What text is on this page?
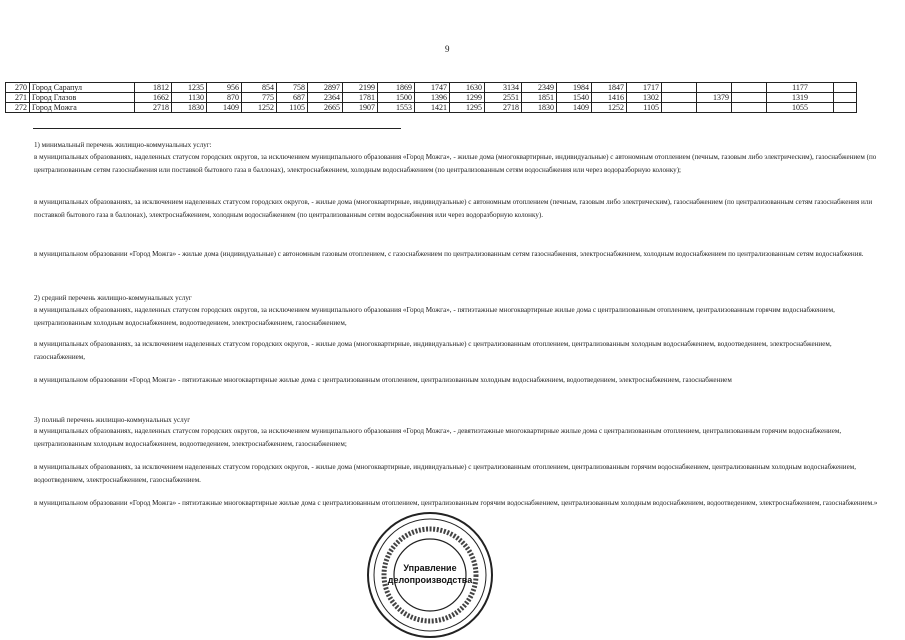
9
270	Город Сарапул	1812	1235	956	854	758	2897	2199	1869	1747	1630	3134	2349	1984	1847	1717				1177	
271	Город Глазов	1662	1130	870	775	687	2364	1781	1500	1396	1299	2551	1851	1540	1416	1302		1379		1319	
272	Город Можга	2718	1830	1409	1252	1105	2665	1907	1553	1421	1295	2718	1830	1409	1252	1105				1055	
1) минимальный перечень жилищно-коммунальных услуг:
в муниципальных образованиях, наделенных статусом городских округов, за исключением муниципального образования «Город Можга», - жилые дома (многоквартирные, индивидуальные) с автономным отоплением (печным, газовым либо электрическим), газоснабжением (по централизованным сетям газоснабжения или поставкой бытового газа в баллонах), электроснабжением, холодным водоснабжением (по централизованным сетям водоснабжения или через водоразборную колонку);
в муниципальных образованиях, за исключением наделенных статусом городских округов, - жилые дома (многоквартирные, индивидуальные) с автономным отоплением (печным, газовым либо электрическим), газоснабжением (по централизованным сетям газоснабжения или поставкой бытового газа в баллонах), электроснабжением, холодным водоснабжением (по централизованным сетям водоснабжения или через водоразборную колонку).
в муниципальном образовании «Город Можга» - жилые дома (индивидуальные) с автономным газовым отоплением, с газоснабжением по централизованным сетям газоснабжения, электроснабжением, холодным водоснабжением по централизованным сетям водоснабжения.
2) средний перечень жилищно-коммунальных услуг
в муниципальных образованиях, наделенных статусом городских округов, за исключением муниципального образования «Город Можга», - пятиэтажные многоквартирные жилые дома с централизованным отоплением, централизованным горячим водоснабжением, централизованным холодным водоснабжением, водоотведением, электроснабжением, газоснабжением,
в муниципальных образованиях, за исключением наделенных статусом городских округов, - жилые дома (многоквартирные, индивидуальные) с централизованным отоплением, централизованным холодным водоснабжением, водоотведением, электроснабжением, газоснабжением,
в муниципальном образовании «Город Можга» - пятиэтажные многоквартирные жилые дома с централизованным отоплением, централизованным холодным водоснабжением, водоотведением, электроснабжением, газоснабжением
3) полный перечень жилищно-коммунальных услуг
в муниципальных образованиях, наделенных статусом городских округов, за исключением муниципального образования «Город Можга», - девятиэтажные многоквартирные жилые дома с централизованным отоплением, централизованным горячим водоснабжением, централизованным холодным водоснабжением, водоотведением, электроснабжением, газоснабжением;
в муниципальных образованиях, за исключением наделенных статусом городских округов, - жилые дома (многоквартирные, индивидуальные) с централизованным отоплением, централизованным горячим водоснабжением, централизованным холодным водоснабжением, водоотведением, электроснабжением, газоснабжением.
в муниципальном образовании «Город Можга» - пятиэтажные многоквартирные жилые дома с централизованным отоплением, централизованным горячим водоснабжением, централизованным холодным водоснабжением, водоотведением, электроснабжением, газоснабжением.»
Управление
делопроизводства
